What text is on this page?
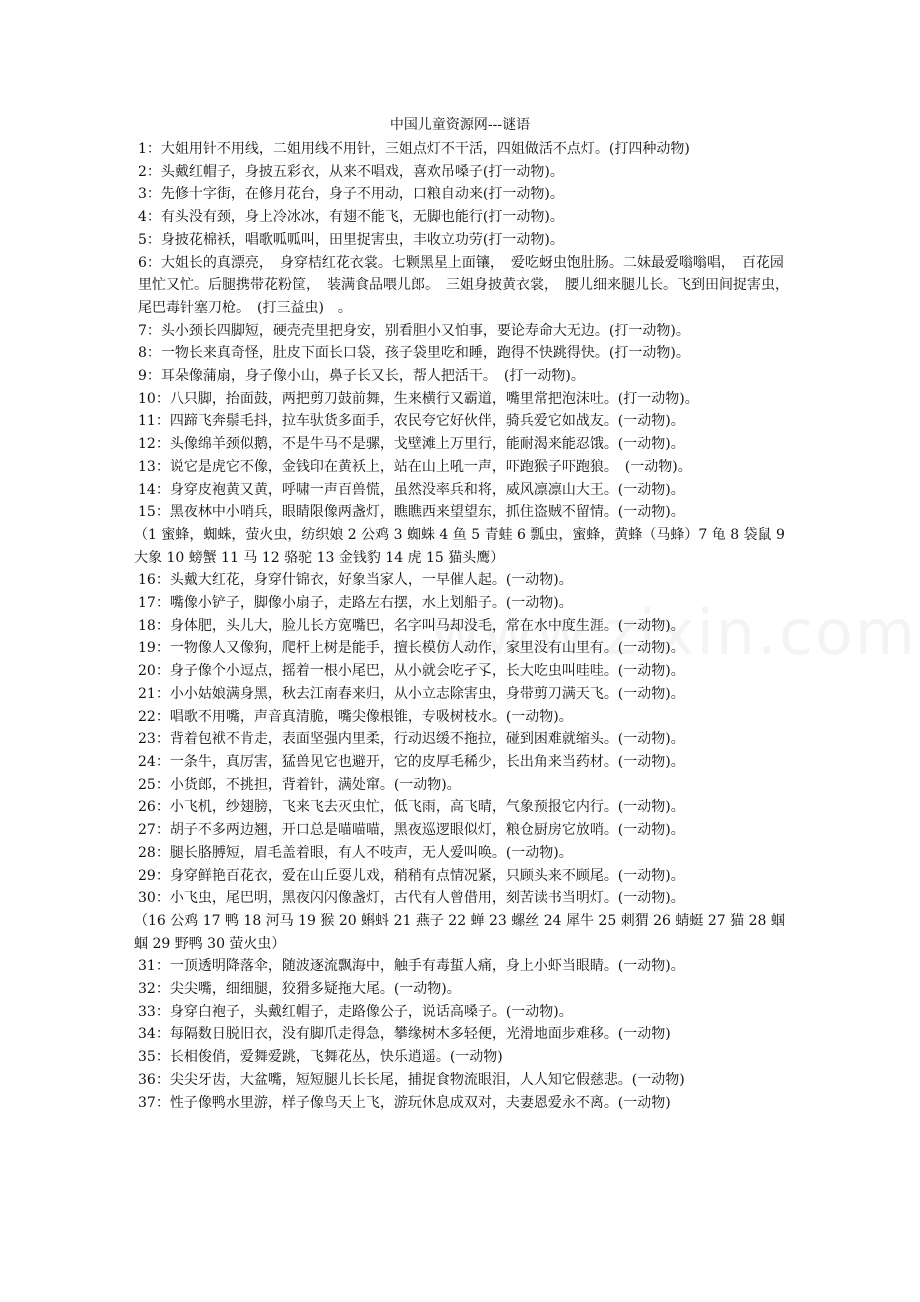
中国儿童资源网---谜语
1：大姐用针不用线，二姐用线不用针，三姐点灯不干活，四姐做活不点灯。(打四种动物)
2：头戴红帽子，身披五彩衣，从来不唱戏，喜欢吊嗓子(打一动物)。
3：先修十字街，在修月花台，身子不用动，口粮自动来(打一动物)。
4：有头没有颈，身上冷冰冰，有翅不能飞，无脚也能行(打一动物)。
5：身披花棉袄，唱歌呱呱叫，田里捉害虫，丰收立功劳(打一动物)。
6：大姐长的真漂亮，　身穿桔红花衣裳。七颗黑星上面镶，　爱吃蚜虫饱肚肠。二妹最爱嗡嗡唱，　百花园里忙又忙。后腿携带花粉筐，　装满食品喂儿郎。　三姐身披黄衣裳，　腰儿细来腿儿长。飞到田间捉害虫，　尾巴毒针塞刀枪。　(打三益虫)　。
7：头小颈长四脚短，硬壳壳里把身安，别看胆小又怕事，要论寿命大无边。(打一动物)。
8：一物长来真奇怪，肚皮下面长口袋，孩子袋里吃和睡，跑得不快跳得快。(打一动物)。
9：耳朵像蒲扇，身子像小山，鼻子长又长，帮人把活干。　(打一动物)。
10：八只脚，抬面鼓，两把剪刀鼓前舞，生来横行又霸道，嘴里常把泡沫吐。(打一动物)。
11：四蹄飞奔鬃毛抖，拉车驮货多面手，农民夸它好伙伴，骑兵爱它如战友。(一动物)。
12：头像绵羊颈似鹅，不是牛马不是骡，戈壁滩上万里行，能耐渴来能忍饿。(一动物)。
13：说它是虎它不像，金钱印在黄袄上，站在山上吼一声，吓跑猴子吓跑狼。　(一动物)。
14：身穿皮袍黄又黄，呼啸一声百兽慌，虽然没率兵和将，威风凛凛山大王。(一动物)。
15：黑夜林中小哨兵，眼睛限像两盏灯，瞧瞧西来望望东，抓住盗贼不留情。(一动物)。
（1 蜜蜂，蜘蛛，萤火虫，纺织娘 2 公鸡 3 蜘蛛 4 鱼 5 青蛙 6 瓢虫，蜜蜂，黄蜂（马蜂）7 龟 8 袋鼠 9 大象 10 螃蟹 11 马 12 骆驼 13 金钱豹 14 虎 15 猫头鹰）
16：头戴大红花，身穿什锦衣，好象当家人，一早催人起。(一动物)。
17：嘴像小铲子，脚像小扇子，走路左右摆，水上划船子。(一动物)。
18：身体肥，头儿大，脸儿长方宽嘴巴，名字叫马却没毛，常在水中度生涯。(一动物)。
19：一物像人又像狗，爬杆上树是能手，擅长模仿人动作，家里没有山里有。(一动物)。
20：身子像个小逗点，摇着一根小尾巴，从小就会吃孑孓，长大吃虫叫哇哇。(一动物)。
21：小小姑娘满身黑，秋去江南春来归，从小立志除害虫，身带剪刀满天飞。(一动物)。
22：唱歌不用嘴，声音真清脆，嘴尖像根锥，专吸树枝水。(一动物)。
23：背着包袱不肯走，表面坚强内里柔，行动迟缓不拖拉，碰到困难就缩头。(一动物)。
24：一条牛，真厉害，猛兽见它也避开，它的皮厚毛稀少，长出角来当药材。(一动物)。
25：小货郎，不挑担，背着针，满处窜。(一动物)。
26：小飞机，纱翅膀，飞来飞去灭虫忙，低飞雨，高飞晴，气象预报它内行。(一动物)。
27：胡子不多两边翘，开口总是喵喵喵，黑夜巡逻眼似灯，粮仓厨房它放哨。(一动物)。
28：腿长胳膊短，眉毛盖着眼，有人不吱声，无人爱叫唤。(一动物)。
29：身穿鲜艳百花衣，爱在山丘耍儿戏，稍稍有点情况紧，只顾头来不顾尾。(一动物)。
30：小飞虫，尾巴明，黑夜闪闪像盏灯，古代有人曾借用，刻苦读书当明灯。(一动物)。
（16 公鸡 17 鸭 18 河马 19 猴 20 蝌蚪 21 燕子 22 蝉 23 螺丝 24 犀牛 25 刺猬 26 蜻蜓 27 猫 28 蝈蝈 29 野鸭 30 萤火虫）
31：一顶透明降落伞，随波逐流飘海中，触手有毒蜇人痛，身上小虾当眼睛。(一动物)。
32：尖尖嘴，细细腿，狡猾多疑拖大尾。(一动物)。
33：身穿白袍子，头戴红帽子，走路像公子，说话高嗓子。(一动物)。
34：每隔数日脱旧衣，没有脚爪走得急，攀缘树木多轻便，光滑地面步难移。(一动物)
35：长相俊俏，爱舞爱跳，飞舞花丛，快乐逍遥。(一动物)
36：尖尖牙齿，大盆嘴，短短腿儿长长尾，捕捉食物流眼泪，人人知它假慈悲。(一动物)
37：性子像鸭水里游，样子像鸟天上飞，游玩休息成双对，夫妻恩爱永不离。(一动物)
